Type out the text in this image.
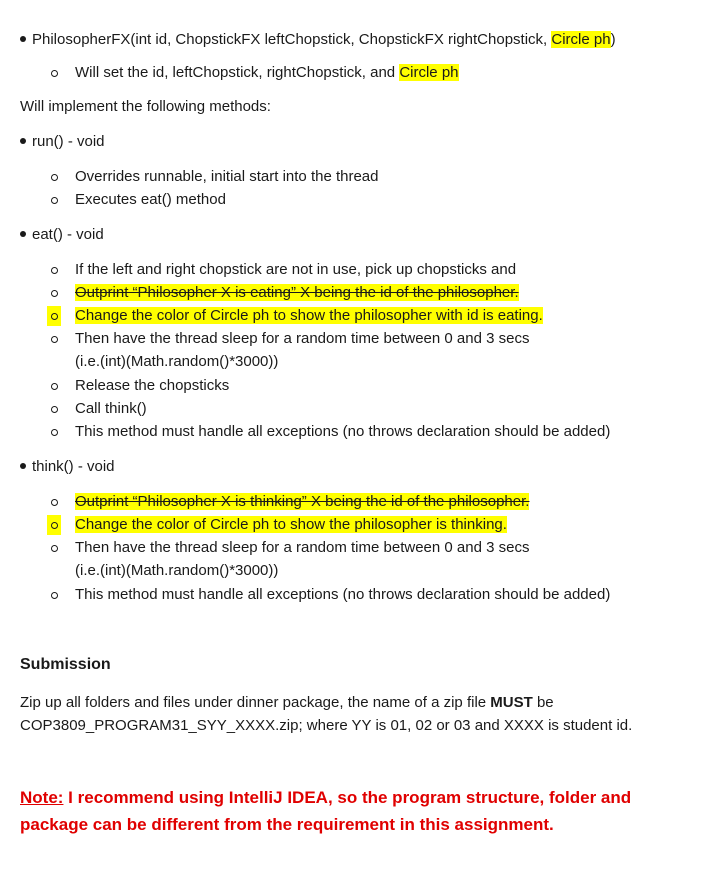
PhilosopherFX(int id, ChopstickFX leftChopstick, ChopstickFX rightChopstick, Circle ph)
Will set the id, leftChopstick, rightChopstick, and Circle ph
Will implement the following methods:
run() - void
Overrides runnable, initial start into the thread
Executes eat() method
eat() - void
If the left and right chopstick are not in use, pick up chopsticks and
Outprint “Philosopher X is eating” X being the id of the philosopher.
Change the color of Circle ph to show the philosopher with id is eating.
Then have the thread sleep for a random time between 0 and 3 secs
(i.e.(int)(Math.random()*3000))
Release the chopsticks
Call think()
This method must handle all exceptions (no throws declaration should be added)
think() - void
Outprint “Philosopher X is thinking” X being the id of the philosopher.
Change the color of Circle ph to show the philosopher is thinking.
Then have the thread sleep for a random time between 0 and 3 secs
(i.e.(int)(Math.random()*3000))
This method must handle all exceptions (no throws declaration should be added)
Submission
Zip up all folders and files under dinner package, the name of a zip file MUST be
COP3809_PROGRAM31_SYY_XXXX.zip; where YY is 01, 02 or 03 and XXXX is student id.
Note: I recommend using IntelliJ IDEA, so the program structure, folder and
package can be different from the requirement in this assignment.
